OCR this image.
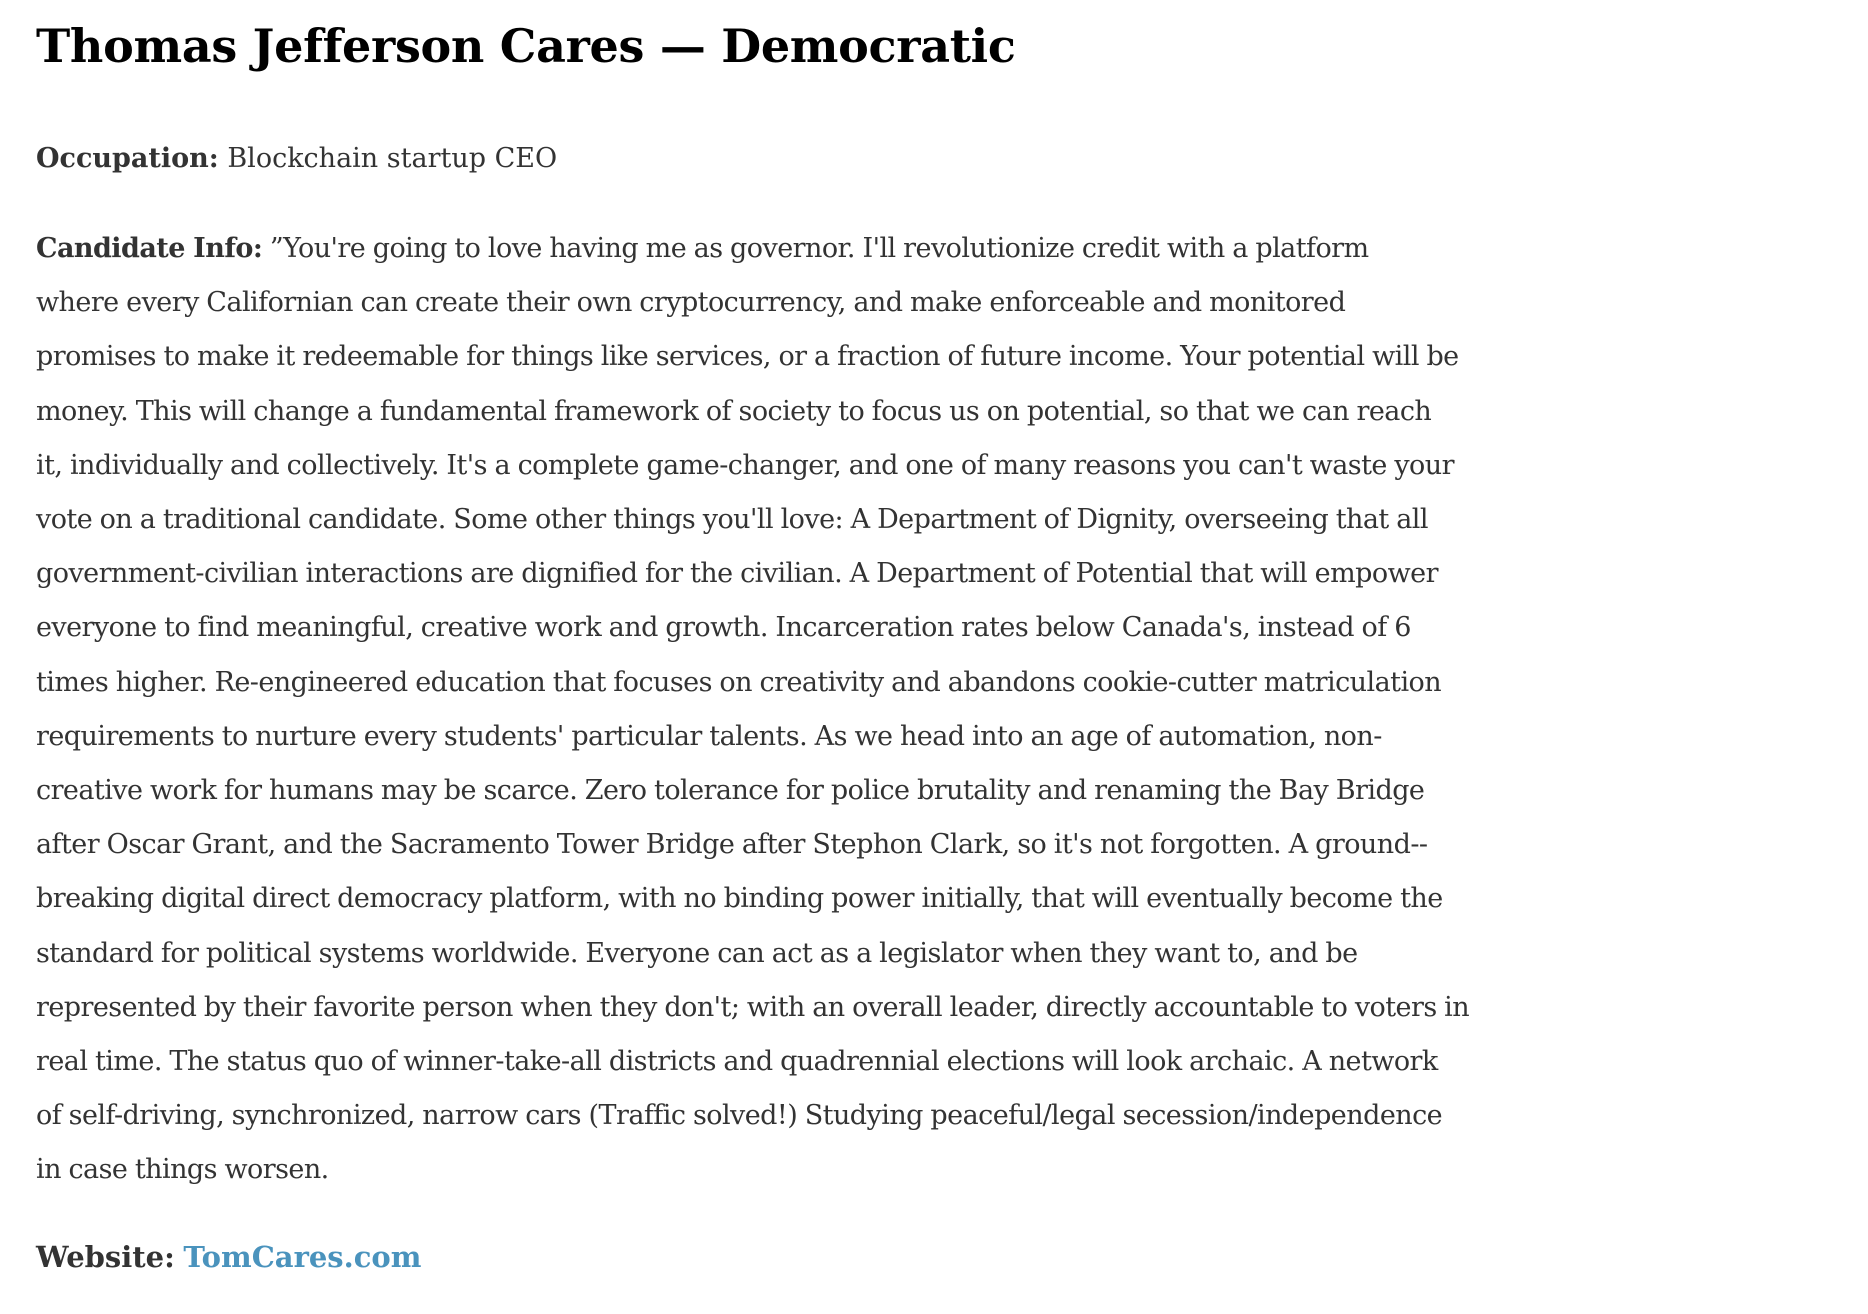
Thomas Jefferson Cares — Democratic

Occupation: Blockchain startup CEO

Candidate Info: ”You're going to love having me as governor. I'll revolutionize credit with a platform
where every Californian can create their own cryptocurrency, and make enforceable and monitored
promises to make it redeemable for things like services, or a fraction of future income. Your potential will be
money. This will change a fundamental framework of society to focus us on potential, so that we can reach
it, individually and collectively. It's a complete game-changer, and one of many reasons you can't waste your
vote on a traditional candidate. Some other things you'll love: A Department of Dignity, overseeing that all
government-civilian interactions are dignified for the civilian. A Department of Potential that will empower
everyone to find meaningful, creative work and growth. Incarceration rates below Canada's, instead of 6
times higher. Re-engineered education that focuses on creativity and abandons cookie-cutter matriculation
requirements to nurture every students' particular talents. As we head into an age of automation, non-
creative work for humans may be scarce. Zero tolerance for police brutality and renaming the Bay Bridge
after Oscar Grant, and the Sacramento Tower Bridge after Stephon Clark, so it's not forgotten. A ground--
breaking digital direct democracy platform, with no binding power initially, that will eventually become the
standard for political systems worldwide. Everyone can act as a legislator when they want to, and be
represented by their favorite person when they don't; with an overall leader, directly accountable to voters in
real time. The status quo of winner-take-all districts and quadrennial elections will look archaic. A network
of self-driving, synchronized, narrow cars (Traffic solved!) Studying peaceful/legal secession/independence
in case things worsen.

Website: TomCares.com
